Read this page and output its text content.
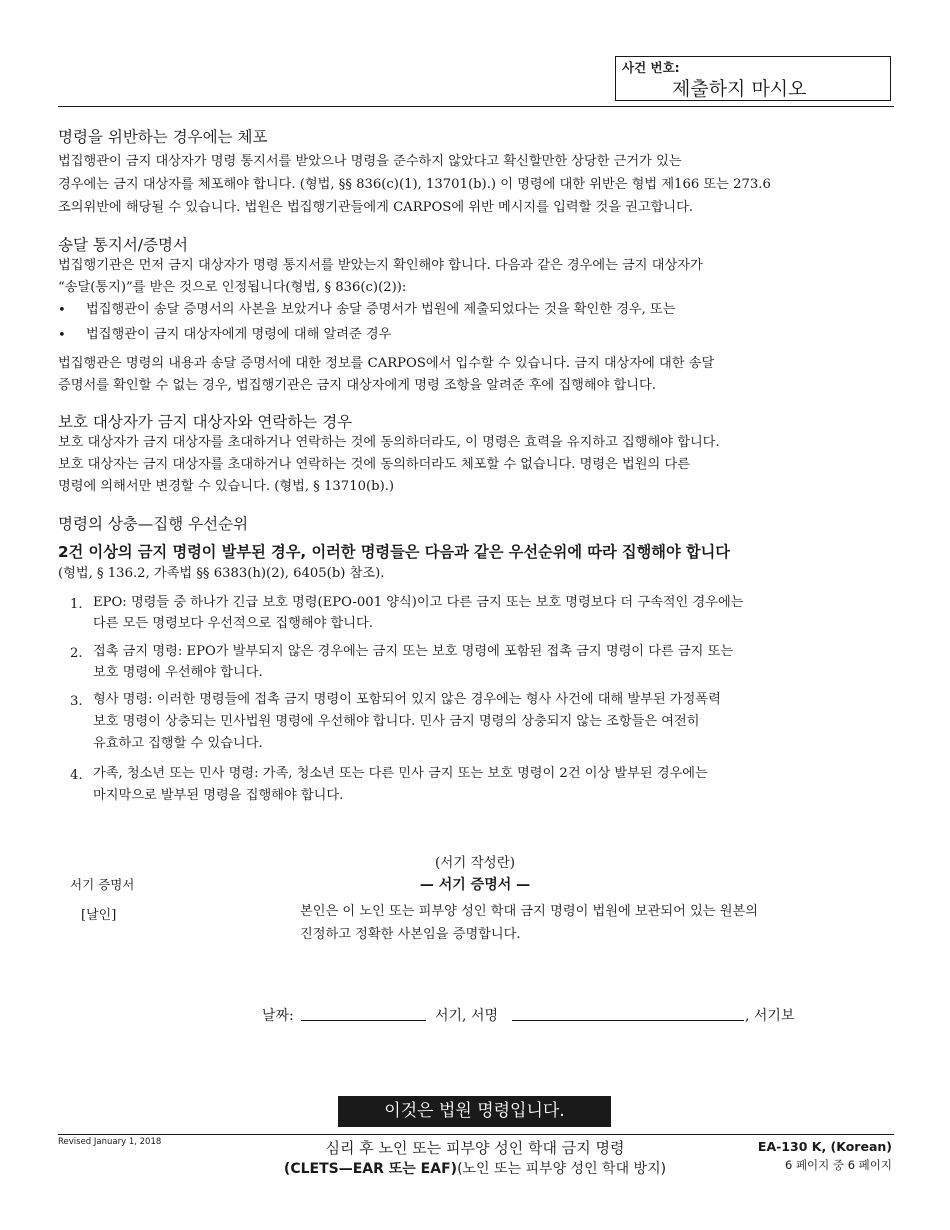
사건 번호:
제출하지 마시오
명령을 위반하는 경우에는 체포
법집행관이 금지 대상자가 명령 통지서를 받았으나 명령을 준수하지 않았다고 확신할만한 상당한 근거가 있는
경우에는 금지 대상자를 체포해야 합니다. (형법, §§ 836(c)(1), 13701(b).) 이 명령에 대한 위반은 형법 제166 또는 273.6
조의위반에 해당될 수 있습니다. 법원은 법집행기관들에게 CARPOS에 위반 메시지를 입력할 것을 권고합니다.
송달 통지서/증명서
법집행기관은 먼저 금지 대상자가 명령 통지서를 받았는지 확인해야 합니다. 다음과 같은 경우에는 금지 대상자가
“송달(통지)”를 받은 것으로 인정됩니다(형법, § 836(c)(2)):
• 법집행관이 송달 증명서의 사본을 보았거나 송달 증명서가 법원에 제출되었다는 것을 확인한 경우, 또는
• 법집행관이 금지 대상자에게 명령에 대해 알려준 경우
법집행관은 명령의 내용과 송달 증명서에 대한 정보를 CARPOS에서 입수할 수 있습니다. 금지 대상자에 대한 송달
증명서를 확인할 수 없는 경우, 법집행기관은 금지 대상자에게 명령 조항을 알려준 후에 집행해야 합니다.
보호 대상자가 금지 대상자와 연락하는 경우
보호 대상자가 금지 대상자를 초대하거나 연락하는 것에 동의하더라도, 이 명령은 효력을 유지하고 집행해야 합니다.
보호 대상자는 금지 대상자를 초대하거나 연락하는 것에 동의하더라도 체포할 수 없습니다. 명령은 법원의 다른
명령에 의해서만 변경할 수 있습니다. (형법, § 13710(b).)
명령의 상충—집행 우선순위
2건 이상의 금지 명령이 발부된 경우, 이러한 명령들은 다음과 같은 우선순위에 따라 집행해야 합니다
(형법, § 136.2, 가족법 §§ 6383(h)(2), 6405(b) 참조).
1. EPO: 명령들 중 하나가 긴급 보호 명령(EPO-001 양식)이고 다른 금지 또는 보호 명령보다 더 구속적인 경우에는
다른 모든 명령보다 우선적으로 집행해야 합니다.
2. 접촉 금지 명령: EPO가 발부되지 않은 경우에는 금지 또는 보호 명령에 포함된 접촉 금지 명령이 다른 금지 또는
보호 명령에 우선해야 합니다.
3. 형사 명령: 이러한 명령들에 접촉 금지 명령이 포함되어 있지 않은 경우에는 형사 사건에 대해 발부된 가정폭력
보호 명령이 상충되는 민사법원 명령에 우선해야 합니다. 민사 금지 명령의 상충되지 않는 조항들은 여전히
유효하고 집행할 수 있습니다.
4. 가족, 청소년 또는 민사 명령: 가족, 청소년 또는 다른 민사 금지 또는 보호 명령이 2건 이상 발부된 경우에는
마지막으로 발부된 명령을 집행해야 합니다.
(서기 작성란)
서기 증명서	— 서기 증명서 —
[날인]	본인은 이 노인 또는 피부양 성인 학대 금지 명령이 법원에 보관되어 있는 원본의
진정하고 정확한 사본임을 증명합니다.
날짜:	서기, 서명	, 서기보
이것은 법원 명령입니다.
Revised January 1, 2018	심리 후 노인 또는 피부양 성인 학대 금지 명령
(CLETS—EAR 또는 EAF)(노인 또는 피부양 성인 학대 방지)
EA-130 K, (Korean)
6 페이지 중 6 페이지
